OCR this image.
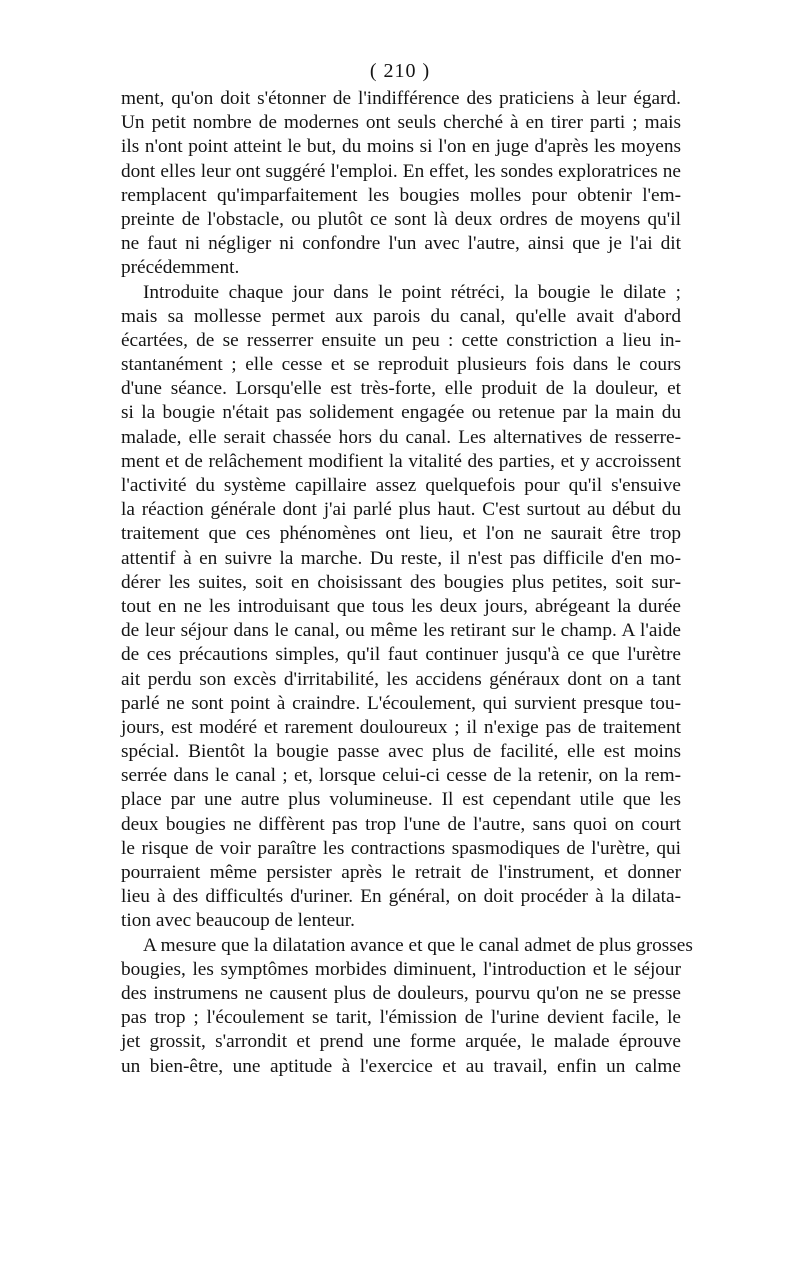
( 210 )
ment, qu'on doit s'étonner de l'indifférence des praticiens à leur égard.
Un petit nombre de modernes ont seuls cherché à en tirer parti ; mais
ils n'ont point atteint le but, du moins si l'on en juge d'après les moyens
dont elles leur ont suggéré l'emploi. En effet, les sondes exploratrices ne
remplacent qu'imparfaitement les bougies molles pour obtenir l'em-
preinte de l'obstacle, ou plutôt ce sont là deux ordres de moyens qu'il
ne faut ni négliger ni confondre l'un avec l'autre, ainsi que je l'ai dit
précédemment.
Introduite chaque jour dans le point rétréci, la bougie le dilate ;
mais sa mollesse permet aux parois du canal, qu'elle avait d'abord
écartées, de se resserrer ensuite un peu : cette constriction a lieu in-
stantanément ; elle cesse et se reproduit plusieurs fois dans le cours
d'une séance. Lorsqu'elle est très-forte, elle produit de la douleur, et
si la bougie n'était pas solidement engagée ou retenue par la main du
malade, elle serait chassée hors du canal. Les alternatives de resserre-
ment et de relâchement modifient la vitalité des parties, et y accroissent
l'activité du système capillaire assez quelquefois pour qu'il s'ensuive
la réaction générale dont j'ai parlé plus haut. C'est surtout au début du
traitement que ces phénomènes ont lieu, et l'on ne saurait être trop
attentif à en suivre la marche. Du reste, il n'est pas difficile d'en mo-
dérer les suites, soit en choisissant des bougies plus petites, soit sur-
tout en ne les introduisant que tous les deux jours, abrégeant la durée
de leur séjour dans le canal, ou même les retirant sur le champ. A l'aide
de ces précautions simples, qu'il faut continuer jusqu'à ce que l'urètre
ait perdu son excès d'irritabilité, les accidens généraux dont on a tant
parlé ne sont point à craindre. L'écoulement, qui survient presque tou-
jours, est modéré et rarement douloureux ; il n'exige pas de traitement
spécial. Bientôt la bougie passe avec plus de facilité, elle est moins
serrée dans le canal ; et, lorsque celui-ci cesse de la retenir, on la rem-
place par une autre plus volumineuse. Il est cependant utile que les
deux bougies ne diffèrent pas trop l'une de l'autre, sans quoi on court
le risque de voir paraître les contractions spasmodiques de l'urètre, qui
pourraient même persister après le retrait de l'instrument, et donner
lieu à des difficultés d'uriner. En général, on doit procéder à la dilata-
tion avec beaucoup de lenteur.
A mesure que la dilatation avance et que le canal admet de plus grosses
bougies, les symptômes morbides diminuent, l'introduction et le séjour
des instrumens ne causent plus de douleurs, pourvu qu'on ne se presse
pas trop ; l'écoulement se tarit, l'émission de l'urine devient facile, le
jet grossit, s'arrondit et prend une forme arquée, le malade éprouve
un bien-être, une aptitude à l'exercice et au travail, enfin un calme
